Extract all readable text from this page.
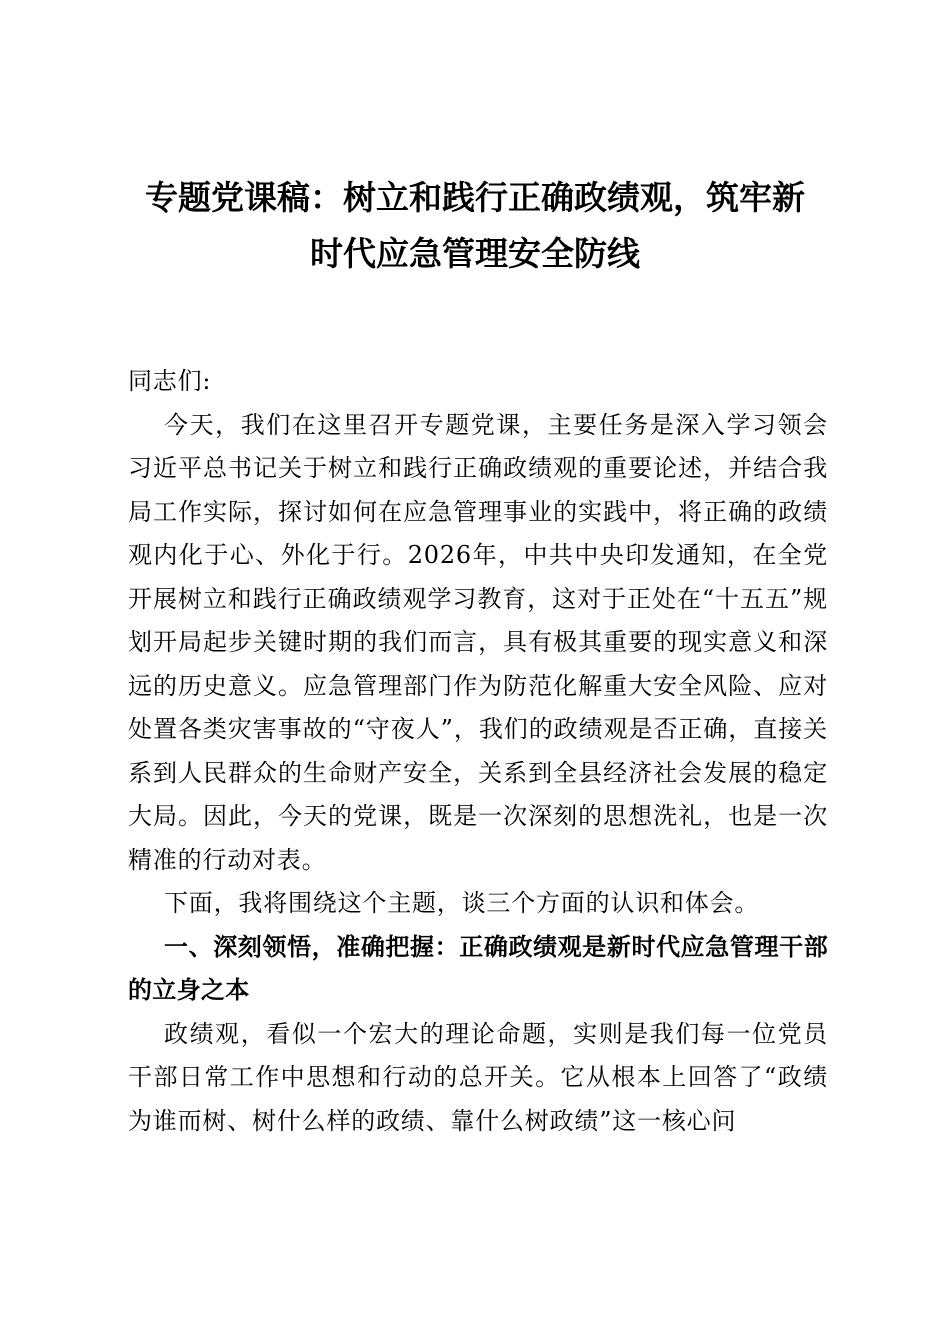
专题党课稿：树立和践行正确政绩观，筑牢新
时代应急管理安全防线

同志们:

今天，我们在这里召开专题党课，主要任务是深入学习领会习近平总书记关于树立和践行正确政绩观的重要论述，并结合我局工作实际，探讨如何在应急管理事业的实践中，将正确的政绩观内化于心、外化于行。2026年，中共中央印发通知，在全党开展树立和践行正确政绩观学习教育，这对于正处在“十五五”规划开局起步关键时期的我们而言，具有极其重要的现实意义和深远的历史意义。应急管理部门作为防范化解重大安全风险、应对处置各类灾害事故的“守夜人”，我们的政绩观是否正确，直接关系到人民群众的生命财产安全，关系到全县经济社会发展的稳定大局。因此，今天的党课，既是一次深刻的思想洗礼，也是一次精准的行动对表。

下面，我将围绕这个主题，谈三个方面的认识和体会。

一、深刻领悟，准确把握：正确政绩观是新时代应急管理干部的立身之本

政绩观，看似一个宏大的理论命题，实则是我们每一位党员干部日常工作中思想和行动的总开关。它从根本上回答了“政绩为谁而树、树什么样的政绩、靠什么树政绩”这一核心问
